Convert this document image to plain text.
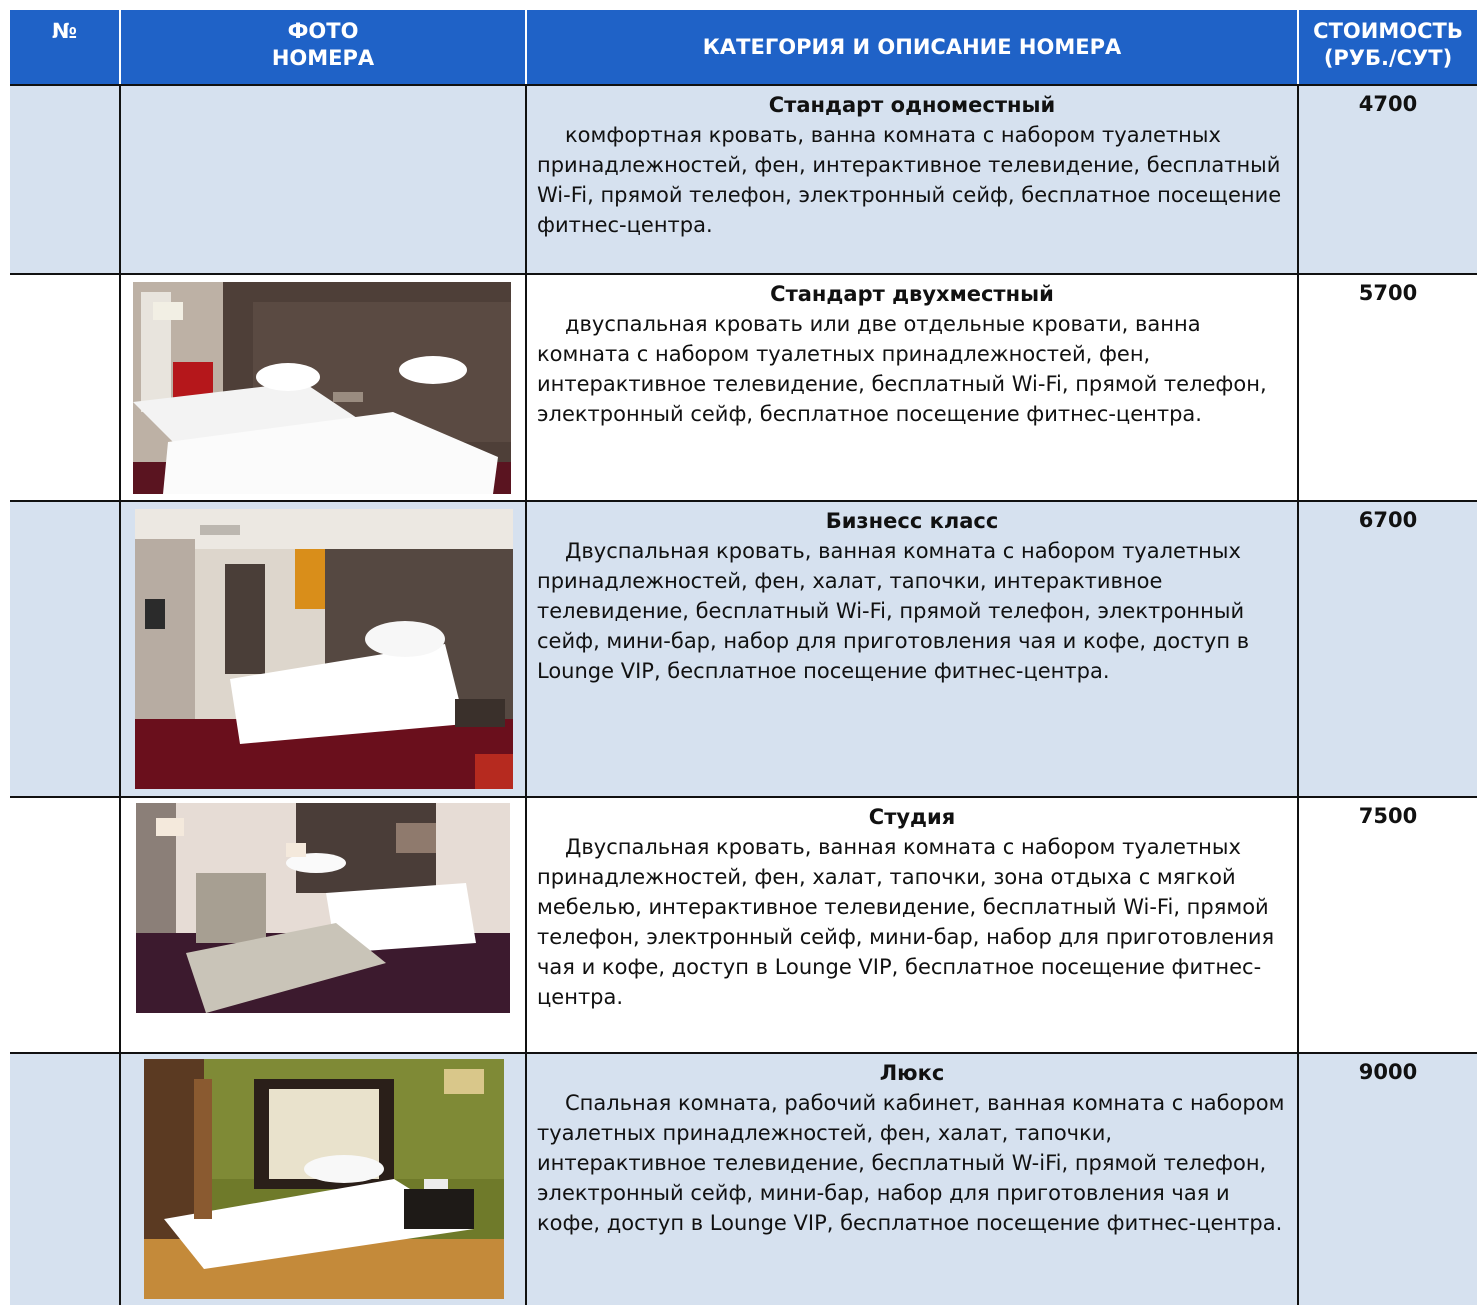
№	ФОТО
НОМЕРА	КАТЕГОРИЯ И ОПИСАНИЕ НОМЕРА
СТОИМОСТЬ
(РУБ./СУТ)
Стандарт одноместный
комфортная кровать, ванна комната с набором туалетных принадлежностей, фен, интерактивное телевидение, бесплатный Wi-Fi, прямой телефон, электронный сейф, бесплатное посещение фитнес-центра.
4700
Стандарт двухместный
двуспальная кровать или две отдельные кровати, ванна комната с набором туалетных принадлежностей, фен, интерактивное телевидение, бесплатный Wi-Fi, прямой телефон, электронный сейф, бесплатное посещение фитнес-центра.
5700
Бизнесс класс
Двуспальная кровать, ванная комната с набором туалетных принадлежностей, фен, халат, тапочки, интерактивное телевидение, бесплатный Wi-Fi, прямой телефон, электронный сейф, мини-бар, набор для приготовления чая и кофе, доступ в Lounge VIP, бесплатное посещение фитнес-центра.
6700
Студия
Двуспальная кровать, ванная комната с набором туалетных принадлежностей, фен, халат, тапочки, зона отдыха с мягкой мебелью, интерактивное телевидение, бесплатный Wi-Fi, прямой телефон, электронный сейф, мини-бар, набор для приготовления чая и кофе, доступ в Lounge VIP, бесплатное посещение фитнес-центра.
7500
Люкс
Спальная комната, рабочий кабинет, ванная комната с набором туалетных принадлежностей, фен, халат, тапочки, интерактивное телевидение, бесплатный W-iFi, прямой телефон, электронный сейф, мини-бар, набор для приготовления чая и кофе, доступ в Lounge VIP, бесплатное посещение фитнес-центра.
9000
